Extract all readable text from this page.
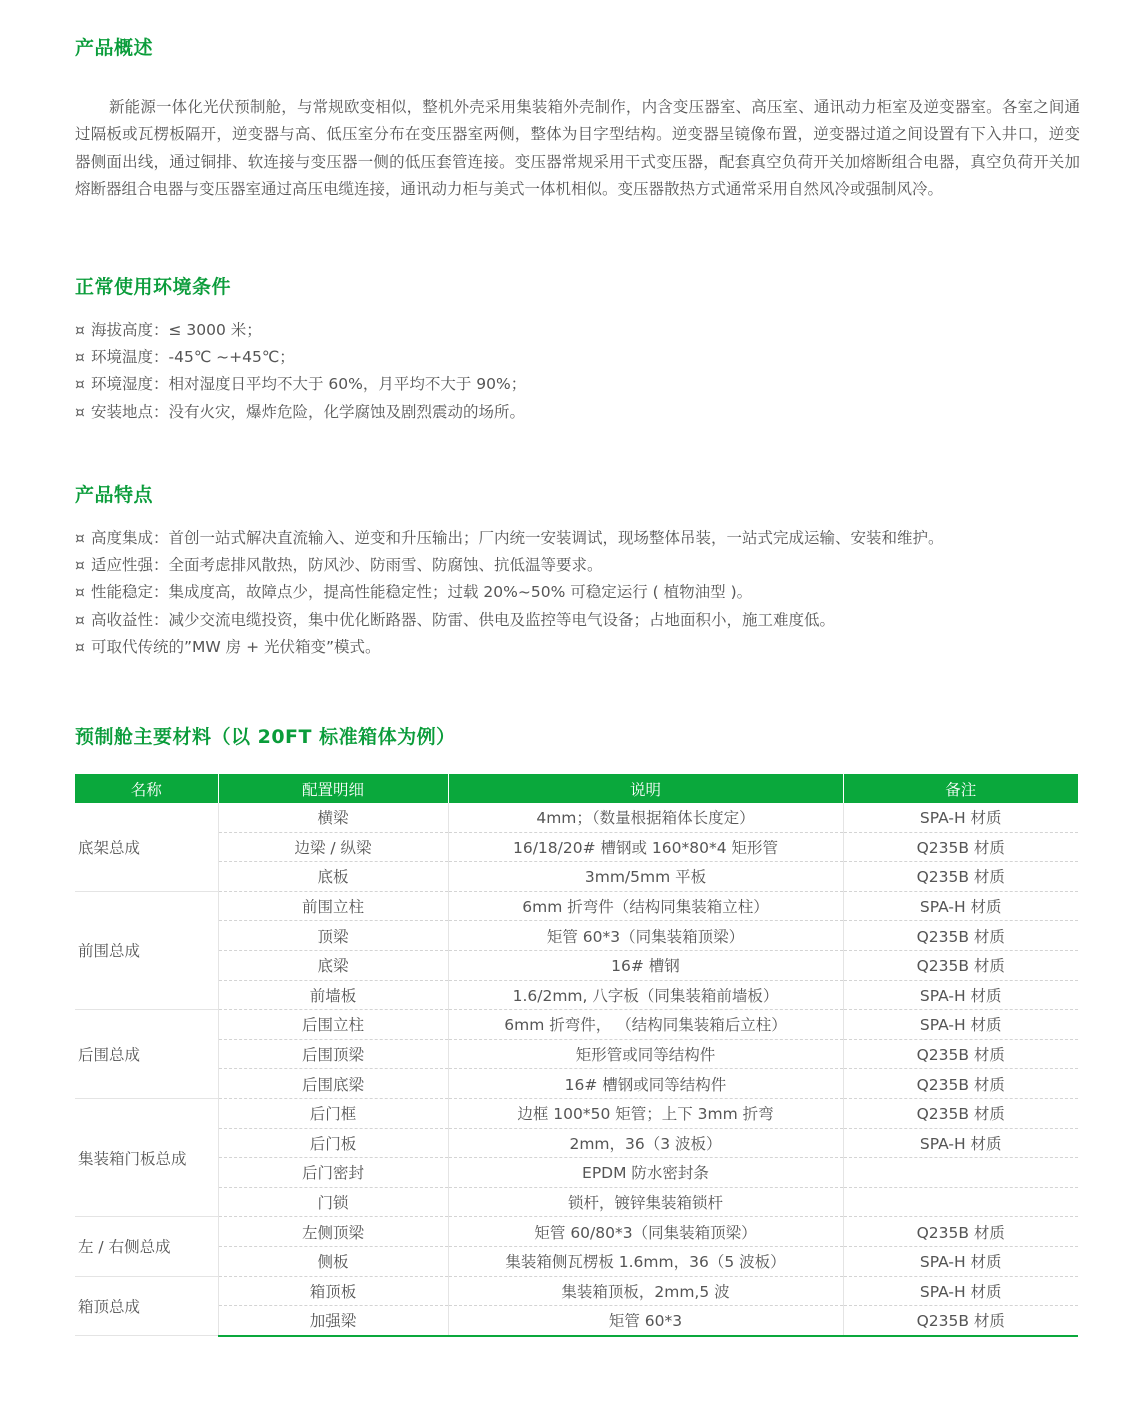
产品概述

新能源一体化光伏预制舱，与常规欧变相似，整机外壳采用集装箱外壳制作，内含变压器室、高压室、通讯动力柜室及逆变器室。各室之间通过隔板或瓦楞板隔开，逆变器与高、低压室分布在变压器室两侧，整体为目字型结构。逆变器呈镜像布置，逆变器过道之间设置有下入井口，逆变器侧面出线，通过铜排、软连接与变压器一侧的低压套管连接。变压器常规采用干式变压器，配套真空负荷开关加熔断组合电器，真空负荷开关加熔断器组合电器与变压器室通过高压电缆连接，通讯动力柜与美式一体机相似。变压器散热方式通常采用自然风冷或强制风冷。

正常使用环境条件
¤ 海拔高度：≤ 3000 米；
¤ 环境温度：-45℃ ~+45℃；
¤ 环境湿度：相对湿度日平均不大于 60%，月平均不大于 90%；
¤ 安装地点：没有火灾，爆炸危险，化学腐蚀及剧烈震动的场所。
产品特点
¤ 高度集成：首创一站式解决直流输入、逆变和升压输出；厂内统一安装调试，现场整体吊装，一站式完成运输、安装和维护。
¤ 适应性强：全面考虑排风散热，防风沙、防雨雪、防腐蚀、抗低温等要求。
¤ 性能稳定：集成度高，故障点少，提高性能稳定性；过载 20%~50% 可稳定运行 ( 植物油型 )。
¤ 高收益性：减少交流电缆投资，集中优化断路器、防雷、供电及监控等电气设备；占地面积小，施工难度低。
¤ 可取代传统的”MW 房 + 光伏箱变”模式。
预制舱主要材料（以 20FT 标准箱体为例）
名称	配置明细	说明	备注
底架总成	横梁	4mm；（数量根据箱体长度定）	SPA-H 材质
	边梁 / 纵梁	16/18/20# 槽钢或 160*80*4 矩形管	Q235B 材质
	底板	3mm/5mm 平板	Q235B 材质
前围总成	前围立柱	6mm 折弯件（结构同集装箱立柱）	SPA-H 材质
	顶梁	矩管 60*3（同集装箱顶梁）	Q235B 材质
	底梁	16# 槽钢	Q235B 材质
	前墙板	1.6/2mm, 八字板（同集装箱前墙板）	SPA-H 材质
后围总成	后围立柱	6mm 折弯件， （结构同集装箱后立柱）	SPA-H 材质
	后围顶梁	矩形管或同等结构件	Q235B 材质
	后围底梁	16# 槽钢或同等结构件	Q235B 材质
集装箱门板总成	后门框	边框 100*50 矩管；上下 3mm 折弯	Q235B 材质
	后门板	2mm，36（3 波板）	SPA-H 材质
	后门密封	EPDM 防水密封条	
	门锁	锁杆，镀锌集装箱锁杆	
左 / 右侧总成	左侧顶梁	矩管 60/80*3（同集装箱顶梁）	Q235B 材质
	侧板	集装箱侧瓦楞板 1.6mm，36（5 波板）	SPA-H 材质
箱顶总成	箱顶板	集装箱顶板，2mm,5 波	SPA-H 材质
	加强梁	矩管 60*3	Q235B 材质
